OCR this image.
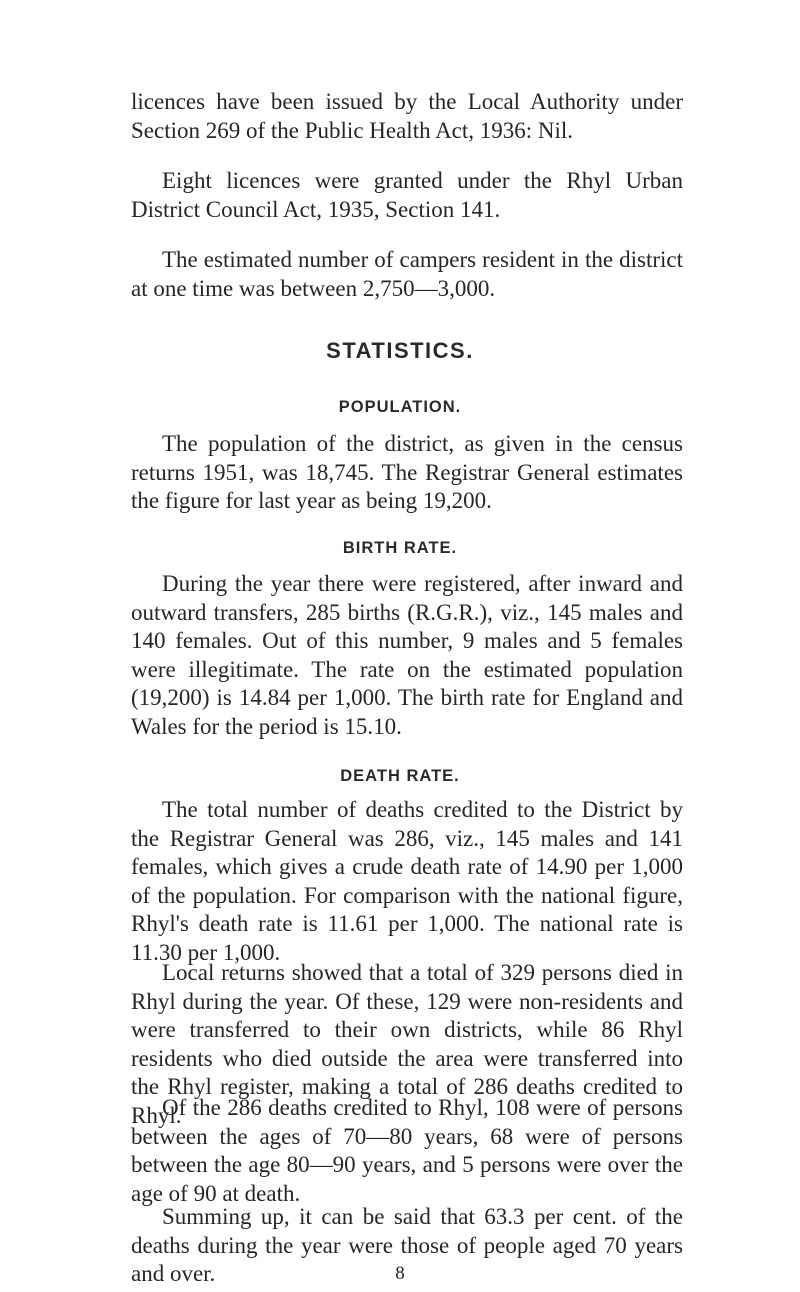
licences have been issued by the Local Authority under Section 269 of the Public Health Act, 1936: Nil.

Eight licences were granted under the Rhyl Urban District Council Act, 1935, Section 141.

The estimated number of campers resident in the district at one time was between 2,750—3,000.

STATISTICS.
POPULATION.

The population of the district, as given in the census returns 1951, was 18,745. The Registrar General estimates the figure for last year as being 19,200.

BIRTH RATE.

During the year there were registered, after inward and outward transfers, 285 births (R.G.R.), viz., 145 males and 140 females. Out of this number, 9 males and 5 females were illegitimate. The rate on the estimated population (19,200) is 14.84 per 1,000. The birth rate for England and Wales for the period is 15.10.

DEATH RATE.

The total number of deaths credited to the District by the Registrar General was 286, viz., 145 males and 141 females, which gives a crude death rate of 14.90 per 1,000 of the population. For comparison with the national figure, Rhyl's death rate is 11.61 per 1,000. The national rate is 11.30 per 1,000.

Local returns showed that a total of 329 persons died in Rhyl during the year. Of these, 129 were non-residents and were transferred to their own districts, while 86 Rhyl residents who died outside the area were transferred into the Rhyl register, making a total of 286 deaths credited to Rhyl.

Of the 286 deaths credited to Rhyl, 108 were of persons between the ages of 70—80 years, 68 were of persons between the age 80—90 years, and 5 persons were over the age of 90 at death.

Summing up, it can be said that 63.3 per cent. of the deaths during the year were those of people aged 70 years and over.	8
